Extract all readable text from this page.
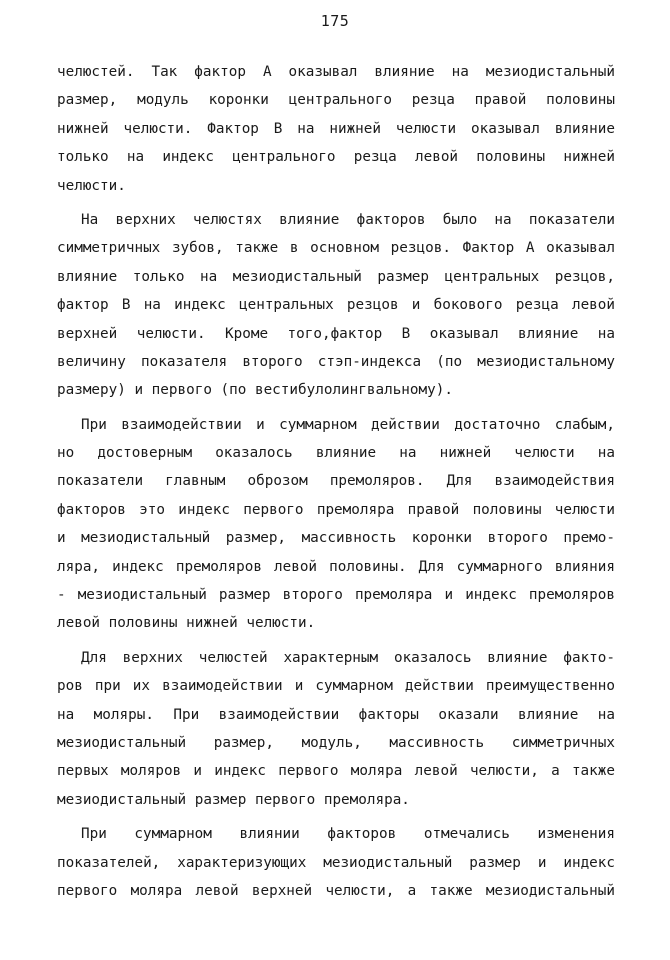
175
челюстей. Так фактор А оказывал влияние на мезиодистальный
размер, модуль коронки центрального резца правой половины
нижней челюсти. Фактор В на нижней челюсти оказывал влияние
только на индекс центрального резца левой половины нижней
челюсти.
На верхних челюстях влияние факторов было на показатели
симметричных зубов, также в основном резцов. Фактор А оказывал
влияние только на мезиодистальный размер центральных резцов,
фактор В на индекс центральных резцов и бокового резца левой
верхней челюсти. Кроме того,фактор В оказывал влияние на
величину показателя второго стэп-индекса (по мезиодистальному
размеру) и первого (по вестибулолингвальному).
При взаимодействии и суммарном действии достаточно слабым,
но достоверным оказалось влияние на нижней челюсти на
показатели главным оброзом премоляров. Для взаимодействия
факторов это индекс первого премоляра правой половины челюсти
и мезиодистальный размер, массивность коронки второго премо-
ляра, индекс премоляров левой половины. Для суммарного влияния
- мезиодистальный размер второго премоляра и индекс премоляров
левой половины нижней челюсти.
Для верхних челюстей характерным оказалось влияние факто-
ров при их взаимодействии и суммарном действии преимущественно
на моляры. При взаимодействии факторы оказали влияние на
мезиодистальный размер, модуль, массивность симметричных
первых моляров и индекс первого моляра левой челюсти, а также
мезиодистальный размер первого премоляра.
При суммарном влиянии факторов отмечались изменения
показателей, характеризующих мезиодистальный размер и индекс
первого моляра левой верхней челюсти, а также мезиодистальный
